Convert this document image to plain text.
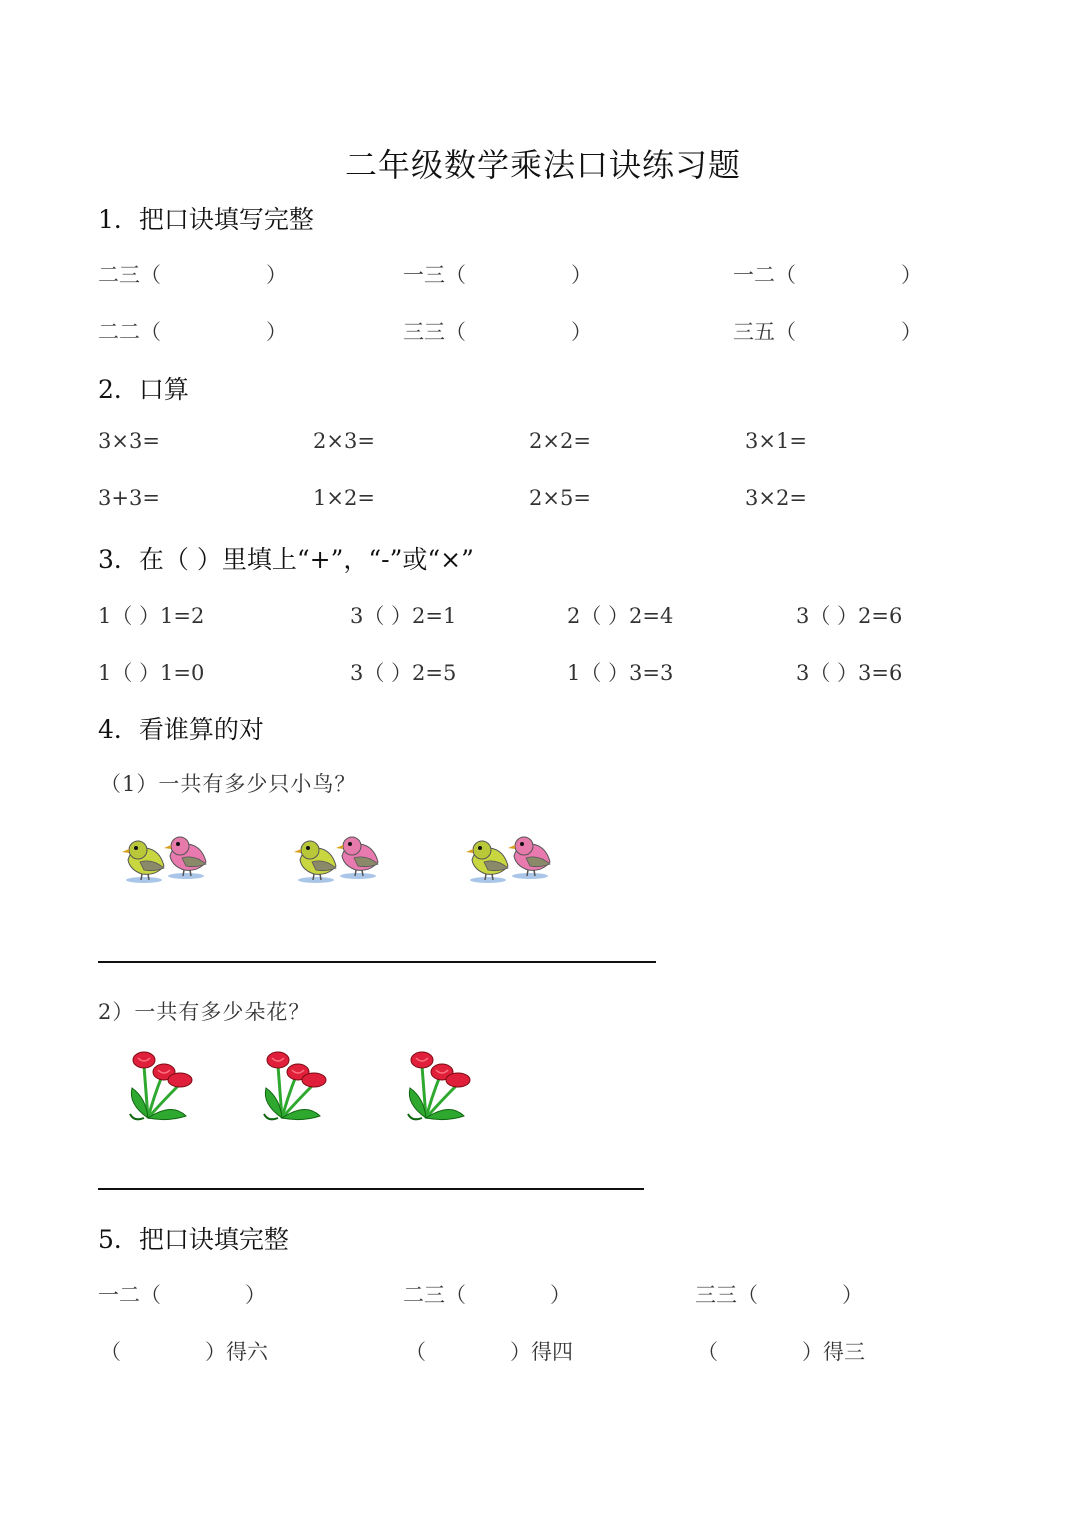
二年级数学乘法口诀练习题
1．把口诀填写完整
二三（　　　　　）	一三（　　　　　）	一二（　　　　　）
二二（　　　　　）	三三（　　　　　）	三五（　　　　　）
2．口算
3×3=	2×3=	2×2=	3×1=
3+3=	1×2=	2×5=	3×2=
3．在（ ）里填上“+”，“-”或“×”
1（ ）1=2	3（ ）2=1	2（ ）2=4	3（ ）2=6
1（ ）1=0	3（ ）2=5	1（ ）3=3	3（ ）3=6
4．看谁算的对
（1）一共有多少只小鸟？
2）一共有多少朵花？
5．把口诀填完整
一二（　　　　）	二三（　　　　）	三三（　　　　）
（　　　　）得六	（　　　　）得四	（　　　　）得三
